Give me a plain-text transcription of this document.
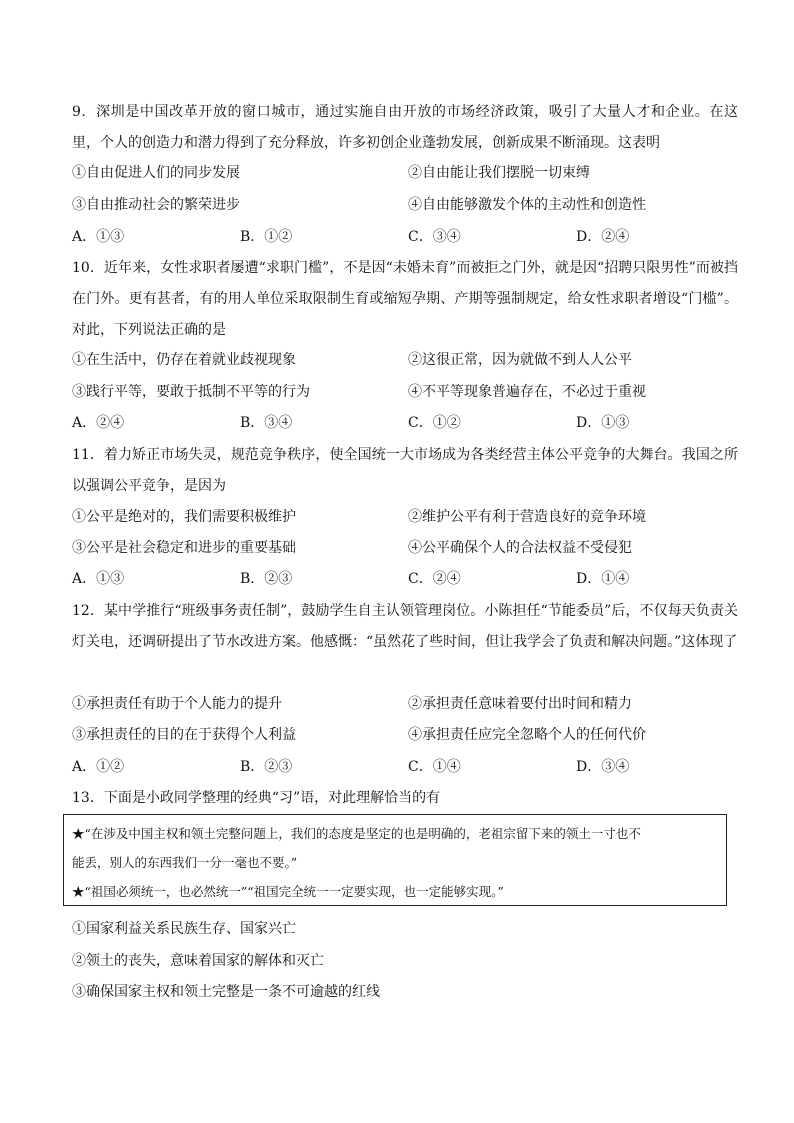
9．深圳是中国改革开放的窗口城市，通过实施自由开放的市场经济政策，吸引了大量人才和企业。在这里，个人的创造力和潜力得到了充分释放，许多初创企业蓬勃发展，创新成果不断涌现。这表明
①自由促进人们的同步发展	②自由能让我们摆脱一切束缚
③自由推动社会的繁荣进步	④自由能够激发个体的主动性和创造性
A．①③	B．①②	C．③④	D．②④
10．近年来，女性求职者屡遭“求职门槛”，不是因“未婚未育”而被拒之门外，就是因“招聘只限男性”而被挡在门外。更有甚者，有的用人单位采取限制生育或缩短孕期、产期等强制规定，给女性求职者增设“门槛”。对此，下列说法正确的是
①在生活中，仍存在着就业歧视现象	②这很正常，因为就做不到人人公平
③践行平等，要敢于抵制不平等的行为	④不平等现象普遍存在，不必过于重视
A．②④	B．③④	C．①②	D．①③
11．着力矫正市场失灵，规范竞争秩序，使全国统一大市场成为各类经营主体公平竞争的大舞台。我国之所以强调公平竞争，是因为
①公平是绝对的，我们需要积极维护	②维护公平有利于营造良好的竞争环境
③公平是社会稳定和进步的重要基础	④公平确保个人的合法权益不受侵犯
A．①③	B．②③	C．②④	D．①④
12．某中学推行“班级事务责任制”，鼓励学生自主认领管理岗位。小陈担任“节能委员”后，不仅每天负责关灯关电，还调研提出了节水改进方案。他感慨：“虽然花了些时间，但让我学会了负责和解决问题。”这体现了
①承担责任有助于个人能力的提升	②承担责任意味着要付出时间和精力
③承担责任的目的在于获得个人利益	④承担责任应完全忽略个人的任何代价
A．①②	B．②③	C．①④	D．③④
13．下面是小政同学整理的经典“习”语，对此理解恰当的有
★“在涉及中国主权和领土完整问题上，我们的态度是坚定的也是明确的，老祖宗留下来的领土一寸也不
能丢，别人的东西我们一分一毫也不要。”
★“祖国必须统一，也必然统一”“祖国完全统一一定要实现，也一定能够实现。”
①国家利益关系民族生存、国家兴亡
②领土的丧失，意味着国家的解体和灭亡
③确保国家主权和领土完整是一条不可逾越的红线
